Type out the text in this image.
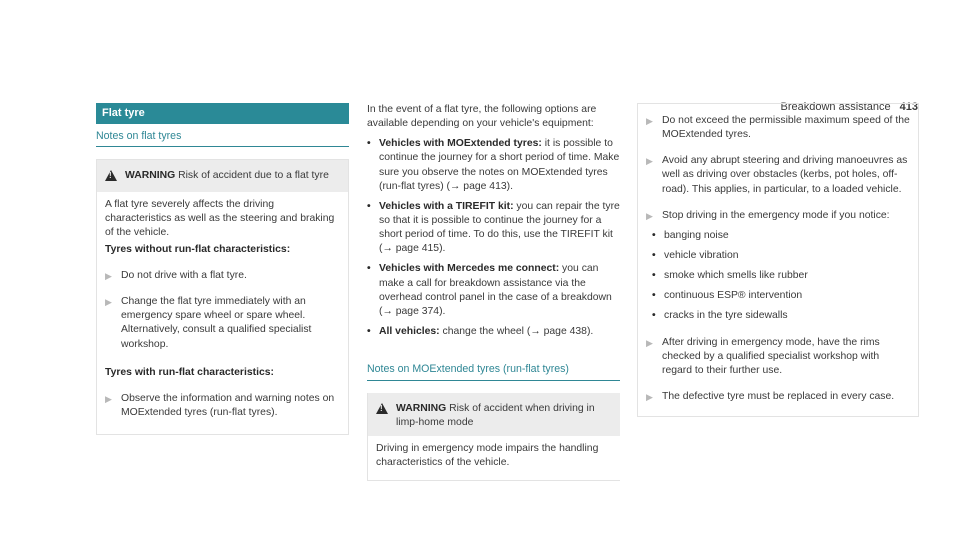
Breakdown assistance 413
Flat tyre
Notes on flat tyres
!
WARNING Risk of accident due to a flat tyre

A flat tyre severely affects the driving characteristics as well as the steering and braking of the vehicle.

Tyres without run-flat characteristics:

▶ Do not drive with a flat tyre.
▶ Change the flat tyre immediately with an emergency spare wheel or spare wheel. Alternatively, consult a qualified specialist workshop.

Tyres with run-flat characteristics:

▶ Observe the information and warning notes on MOExtended tyres (run-flat tyres).

In the event of a flat tyre, the following options are available depending on your vehicle's equipment:

• Vehicles with MOExtended tyres: it is possible to continue the journey for a short period of time. Make sure you observe the notes on MOExtended tyres (run-flat tyres) (→ page 413).
• Vehicles with a TIREFIT kit: you can repair the tyre so that it is possible to continue the journey for a short period of time. To do this, use the TIREFIT kit (→ page 415).
• Vehicles with Mercedes me connect: you can make a call for breakdown assistance via the overhead control panel in the case of a breakdown (→ page 374).
• All vehicles: change the wheel (→ page 438).
Notes on MOExtended tyres (run-flat tyres)
!
WARNING Risk of accident when driving in limp-home mode

Driving in emergency mode impairs the handling characteristics of the vehicle.

▶ Do not exceed the permissible maximum speed of the MOExtended tyres.
▶ Avoid any abrupt steering and driving manoeuvres as well as driving over obstacles (kerbs, pot holes, off-road). This applies, in particular, to a loaded vehicle.
▶ Stop driving in the emergency mode if you notice:
• banging noise
• vehicle vibration
• smoke which smells like rubber
• continuous ESP® intervention
• cracks in the tyre sidewalls
▶ After driving in emergency mode, have the rims checked by a qualified specialist workshop with regard to their further use.
▶ The defective tyre must be replaced in every case.
